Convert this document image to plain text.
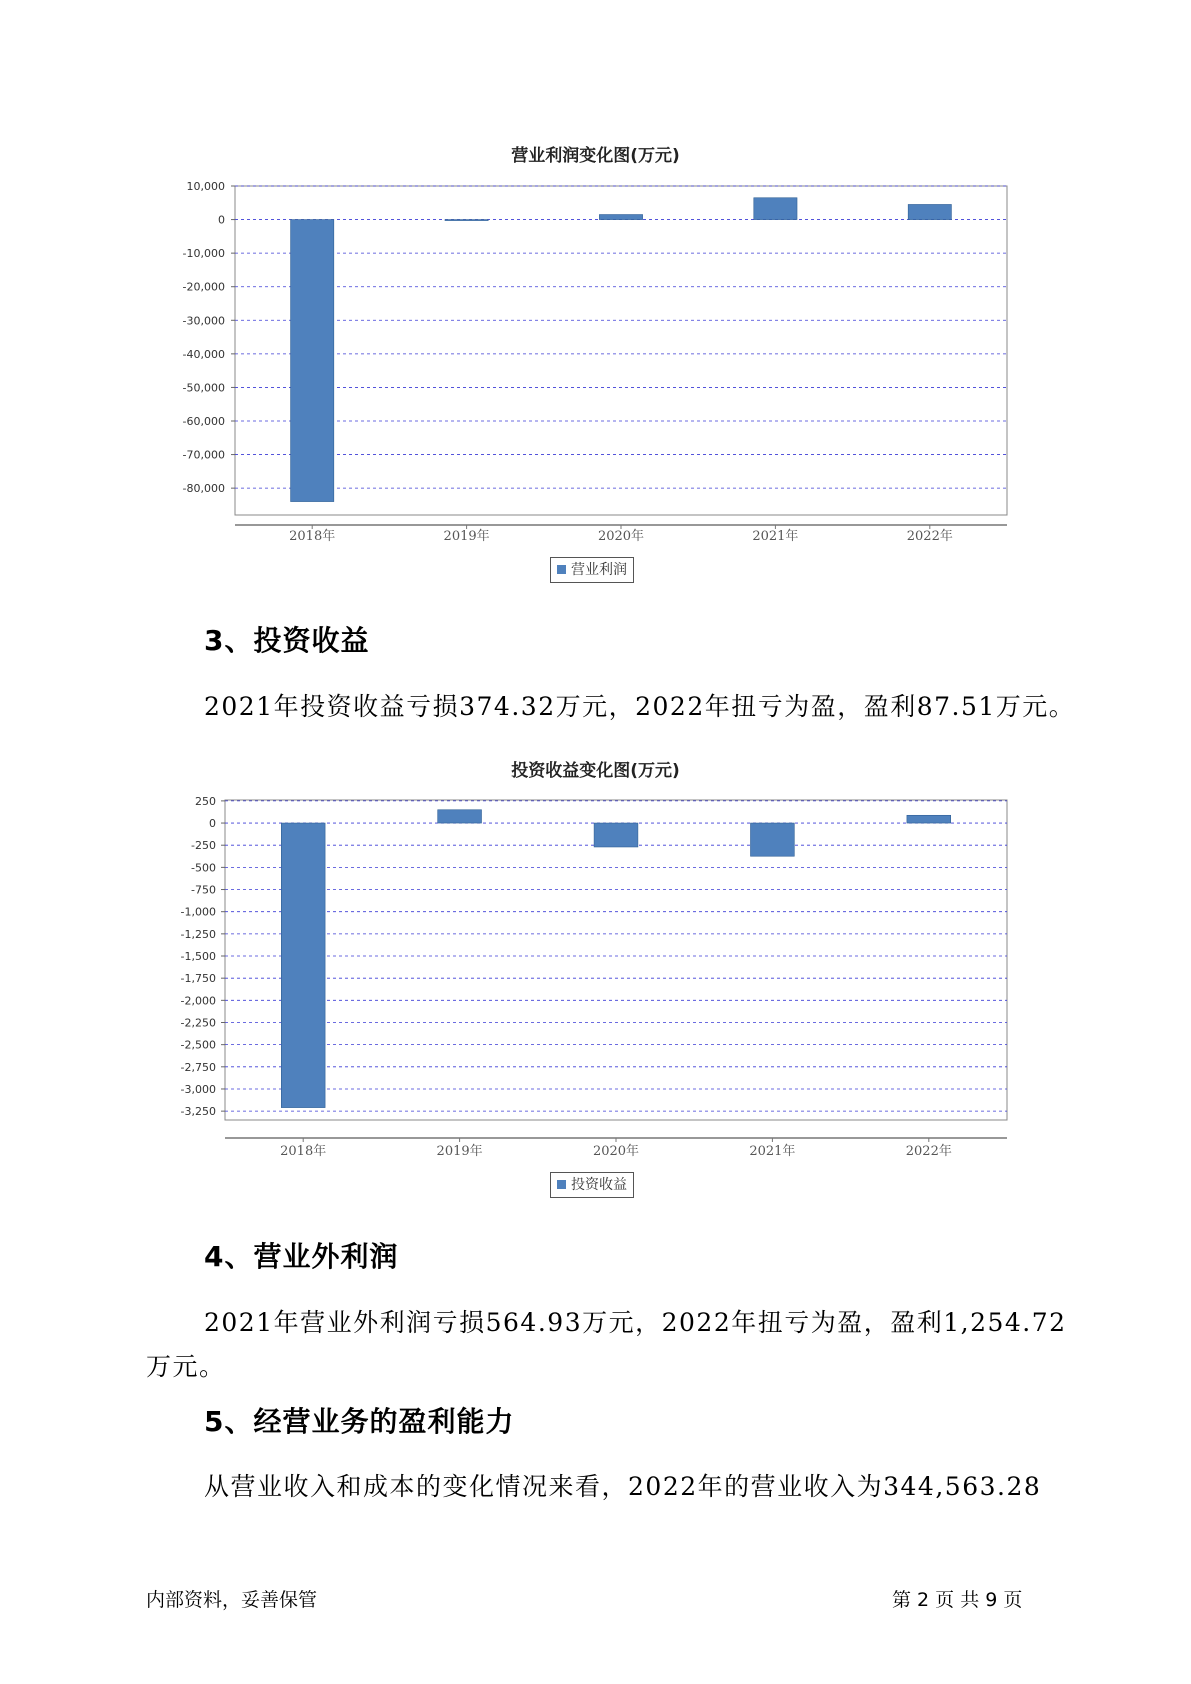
营业利润变化图(万元)
10,000
0
-10,000
-20,000
-30,000
-40,000
-50,000
-60,000
-70,000
-80,000
2018年	2019年	2020年	2021年	2022年
营业利润
3、投资收益
2021年投资收益亏损374.32万元，2022年扭亏为盈，盈利87.51万元。
投资收益变化图(万元)
250
0
-250
-500
-750
-1,000
-1,250
-1,500
-1,750
-2,000
-2,250
-2,500
-2,750
-3,000
-3,250
2018年	2019年	2020年	2021年	2022年
投资收益
4、营业外利润
2021年营业外利润亏损564.93万元，2022年扭亏为盈，盈利1,254.72
万元。
5、经营业务的盈利能力
从营业收入和成本的变化情况来看，2022年的营业收入为344,563.28
内部资料，妥善保管	第 2 页 共 9 页
